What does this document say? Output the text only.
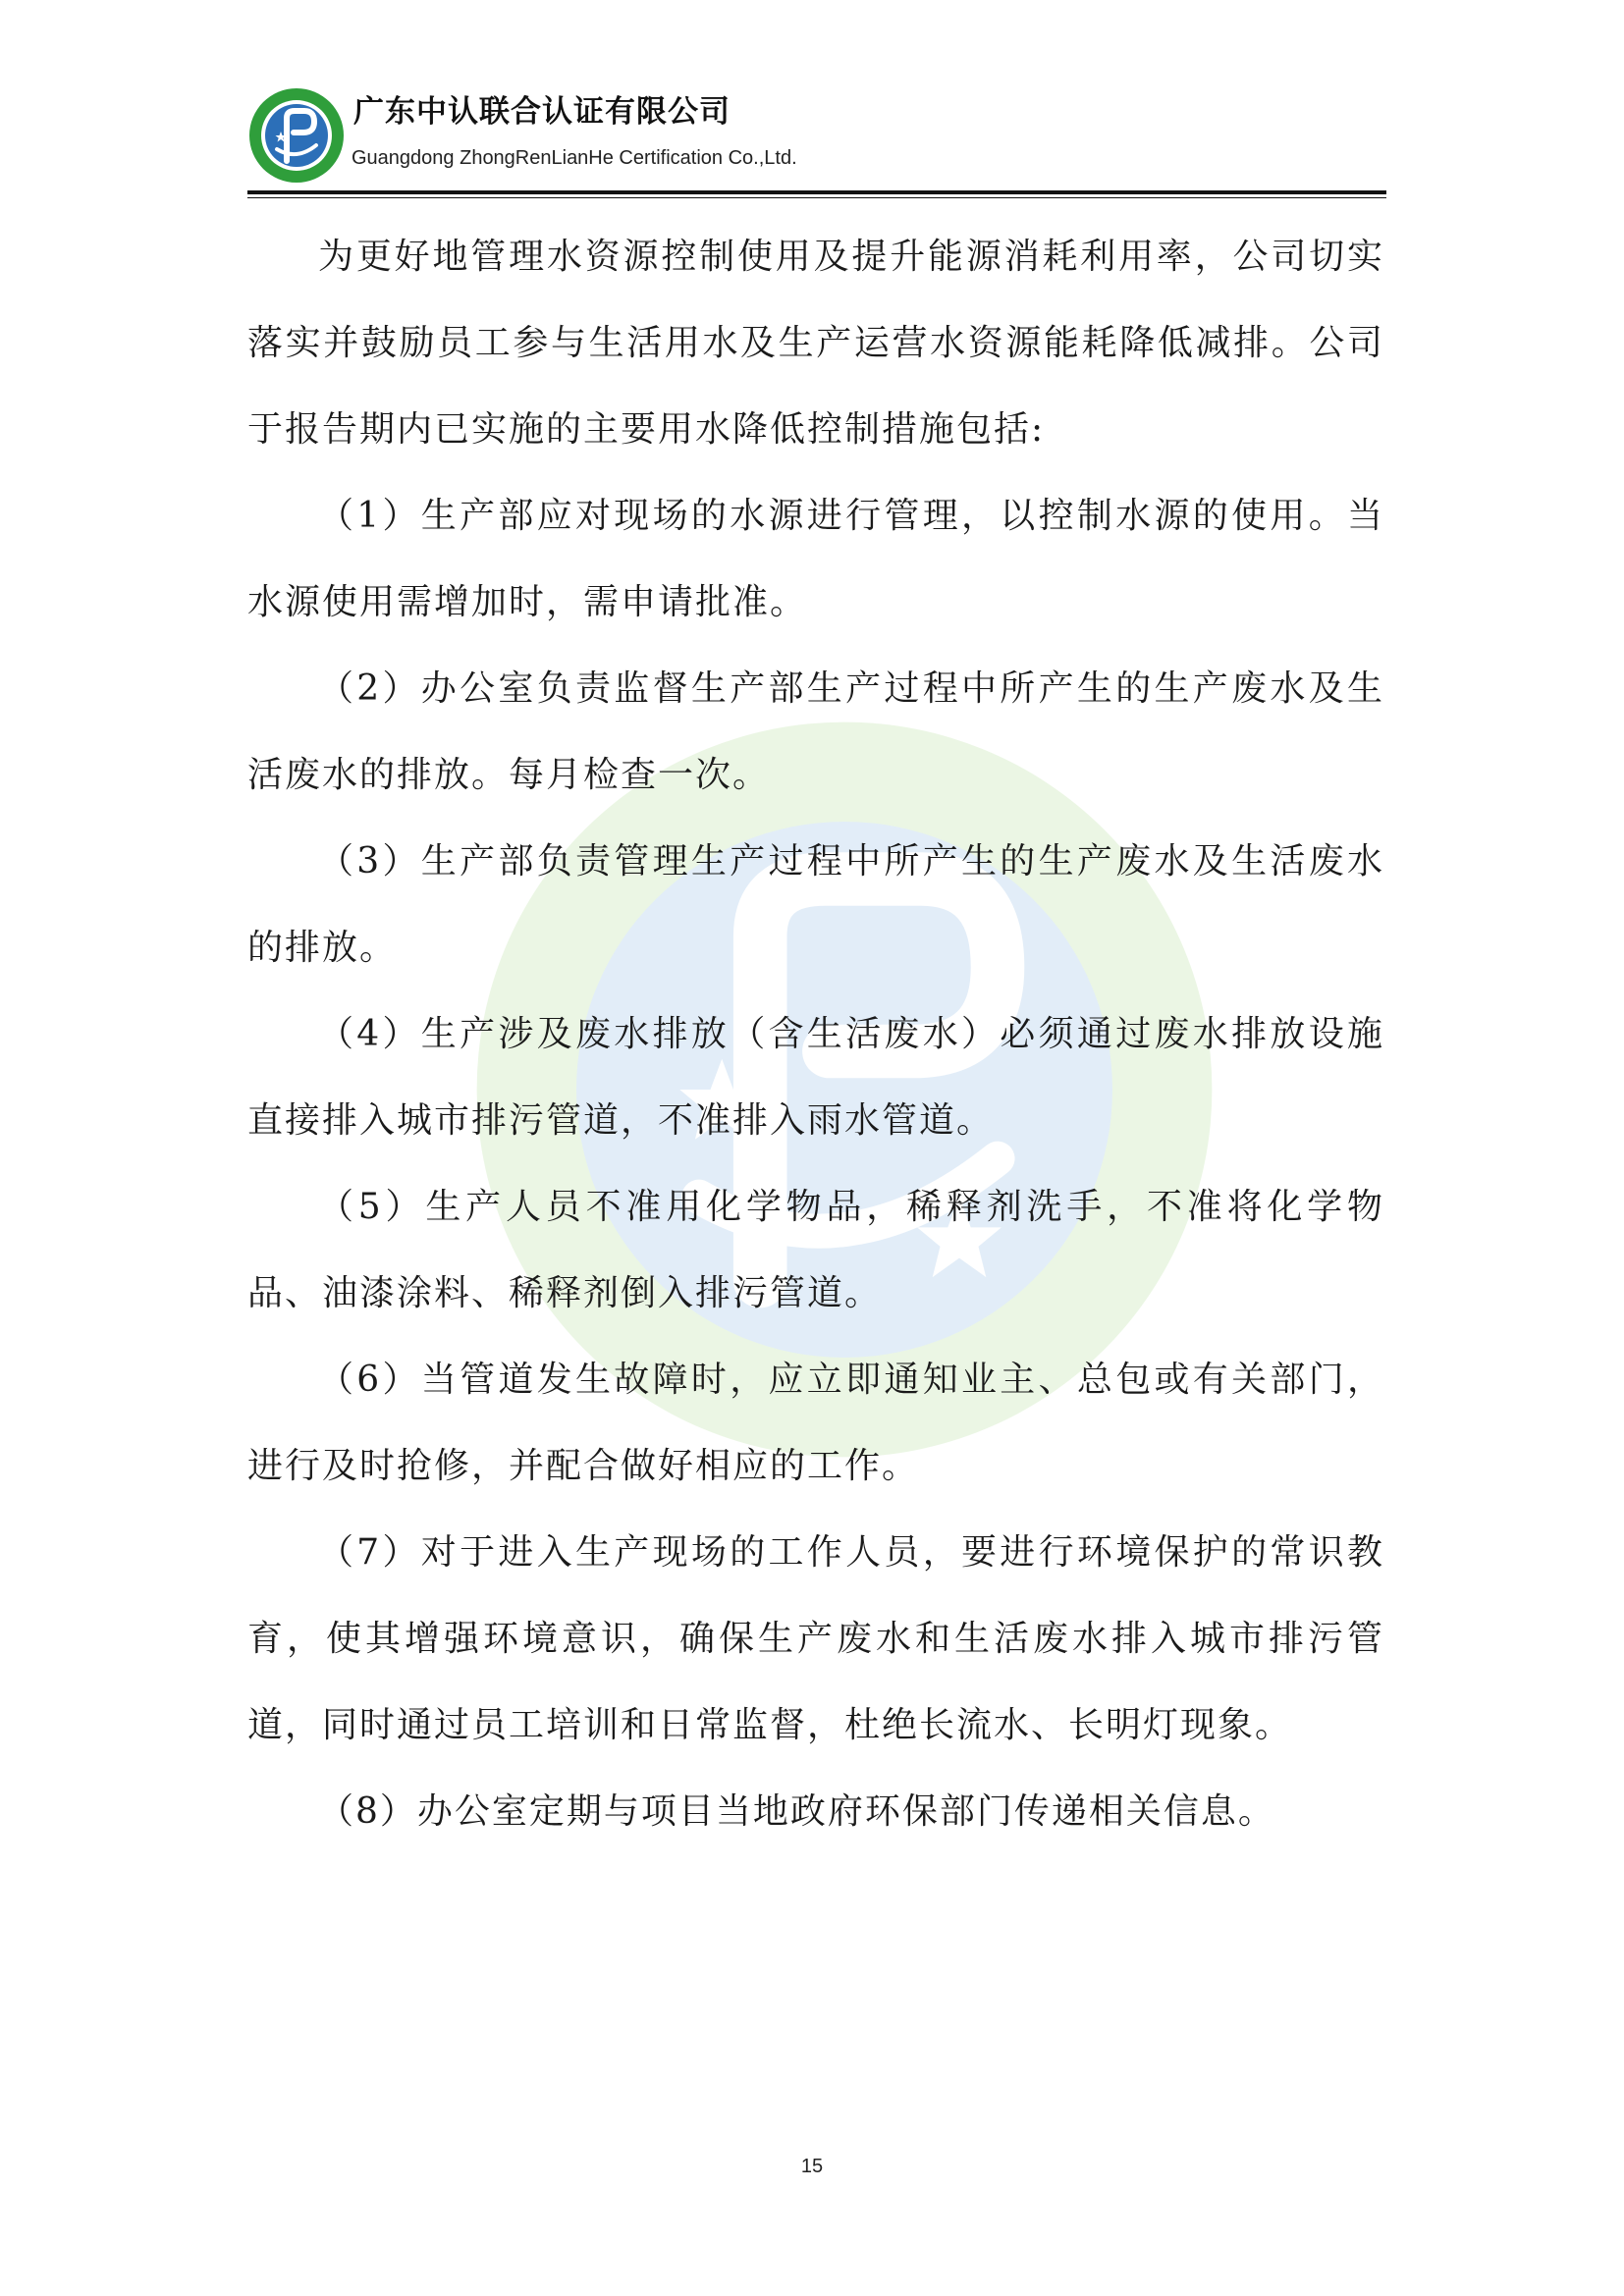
广东中认联合认证有限公司
Guangdong ZhongRenLianHe Certification Co.,Ltd.

为更好地管理水资源控制使用及提升能源消耗利用率，公司切实落实并鼓励员工参与生活用水及生产运营水资源能耗降低减排。公司于报告期内已实施的主要用水降低控制措施包括:

（1）生产部应对现场的水源进行管理，以控制水源的使用。当水源使用需增加时，需申请批准。

（2）办公室负责监督生产部生产过程中所产生的生产废水及生活废水的排放。每月检查一次。

（3）生产部负责管理生产过程中所产生的生产废水及生活废水的排放。

（4）生产涉及废水排放（含生活废水）必须通过废水排放设施直接排入城市排污管道，不准排入雨水管道。

（5）生产人员不准用化学物品，稀释剂洗手，不准将化学物品、油漆涂料、稀释剂倒入排污管道。

（6）当管道发生故障时，应立即通知业主、总包或有关部门，进行及时抢修，并配合做好相应的工作。

（7）对于进入生产现场的工作人员，要进行环境保护的常识教育，使其增强环境意识，确保生产废水和生活废水排入城市排污管道，同时通过员工培训和日常监督，杜绝长流水、长明灯现象。

（8）办公室定期与项目当地政府环保部门传递相关信息。

15
